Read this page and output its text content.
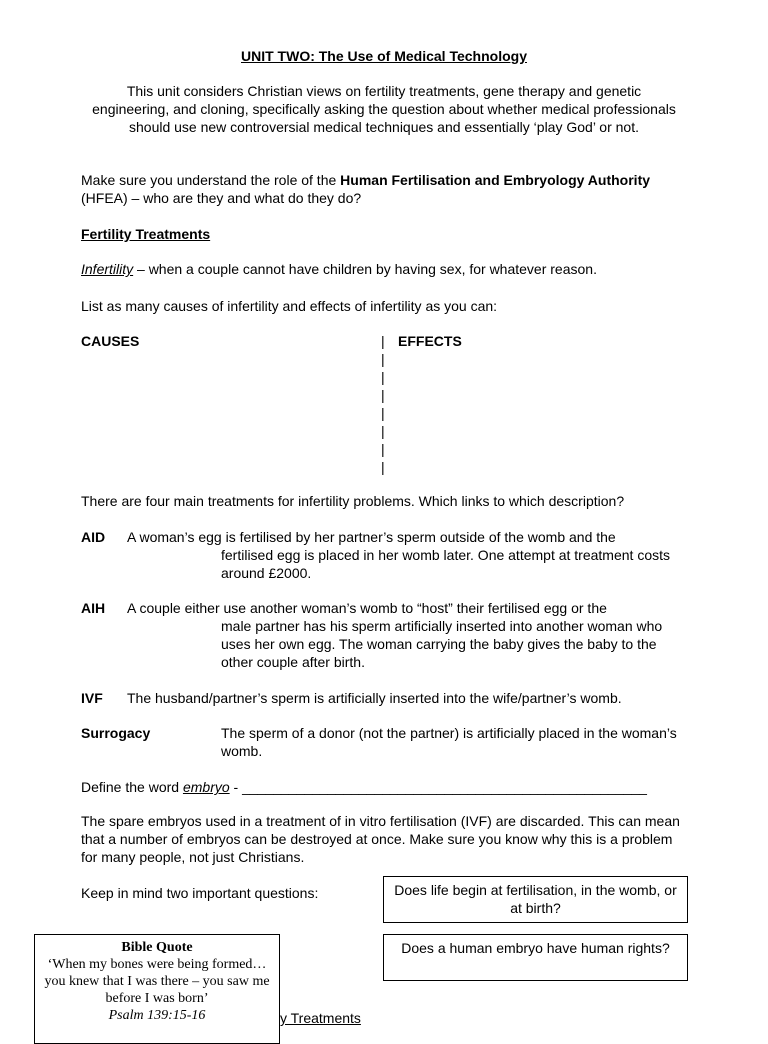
UNIT TWO: The Use of Medical Technology
This unit considers Christian views on fertility treatments, gene therapy and genetic engineering, and cloning, specifically asking the question about whether medical professionals should use new controversial medical techniques and essentially ‘play God’ or not.
Make sure you understand the role of the Human Fertilisation and Embryology Authority (HFEA) – who are they and what do they do?
Fertility Treatments
Infertility – when a couple cannot have children by having sex, for whatever reason.
List as many causes of infertility and effects of infertility as you can:
CAUSES	EFFECTS
|
|
|
|
|
|
|
|
There are four main treatments for infertility problems. Which links to which description?
AID A woman’s egg is fertilised by her partner’s sperm outside of the womb and the
fertilised egg is placed in her womb later. One attempt at treatment costs around £2000.
AIH A couple either use another woman’s womb to “host” their fertilised egg or the
male partner has his sperm artificially inserted into another woman who uses her own egg. The woman carrying the baby gives the baby to the other couple after birth.
IVF The husband/partner’s sperm is artificially inserted into the wife/partner’s womb.
Surrogacy	The sperm of a donor (not the partner) is artificially placed in the woman’s womb.
Define the word embryo - ____________________________________________________
The spare embryos used in a treatment of in vitro fertilisation (IVF) are discarded. This can mean that a number of embryos can be destroyed at once. Make sure you know why this is a problem for many people, not just Christians.
Keep in mind two important questions:	Does life begin at fertilisation, in the womb, or at birth?
Does a human embryo have human rights?
y Treatments
Bible Quote
‘When my bones were being formed…you knew that I was there – you saw me before I was born’
Psalm 139:15-16
